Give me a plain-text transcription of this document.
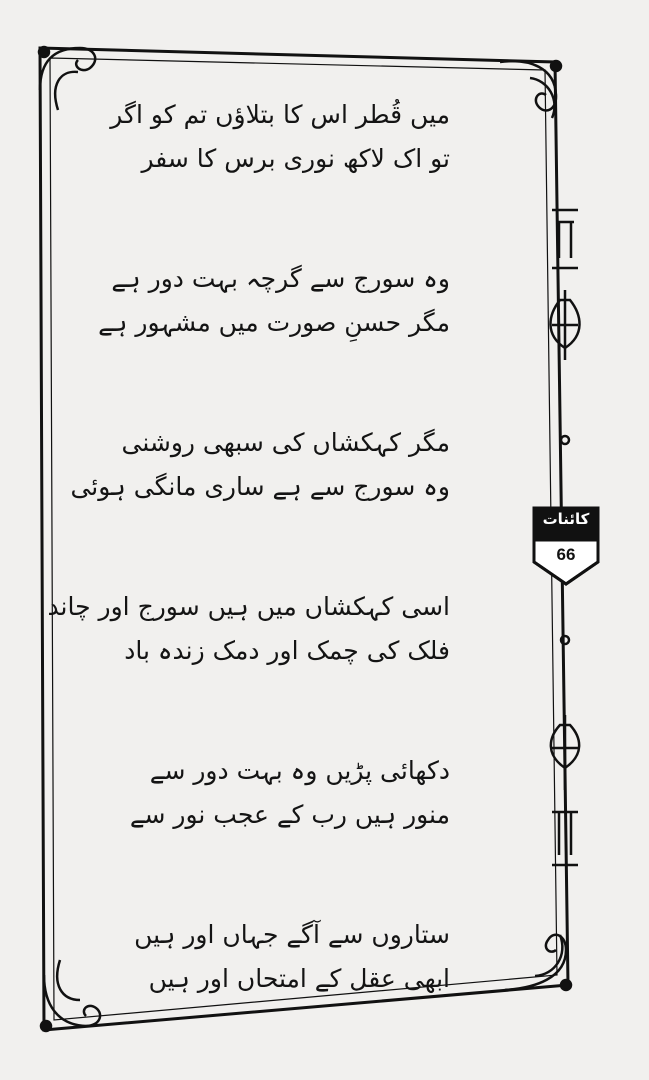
میں قُطر اس کا بتلاؤں تم کو اگر
تو اک لاکھ نوری برس کا سفر
وہ سورج سے گرچہ بہت دور ہے
مگر حسنِ صورت میں مشہور ہے
مگر کہکشاں کی سبھی روشنی
وہ سورج سے ہے ساری مانگی ہوئی
اسی کہکشاں میں ہیں سورج اور چاند
فلک کی چمک اور دمک زندہ باد
دکھائی پڑیں وہ بہت دور سے
منور ہیں رب کے عجب نور سے
ستاروں سے آگے جہاں اور ہیں
ابھی عقل کے امتحاں اور ہیں
کائنات
66
